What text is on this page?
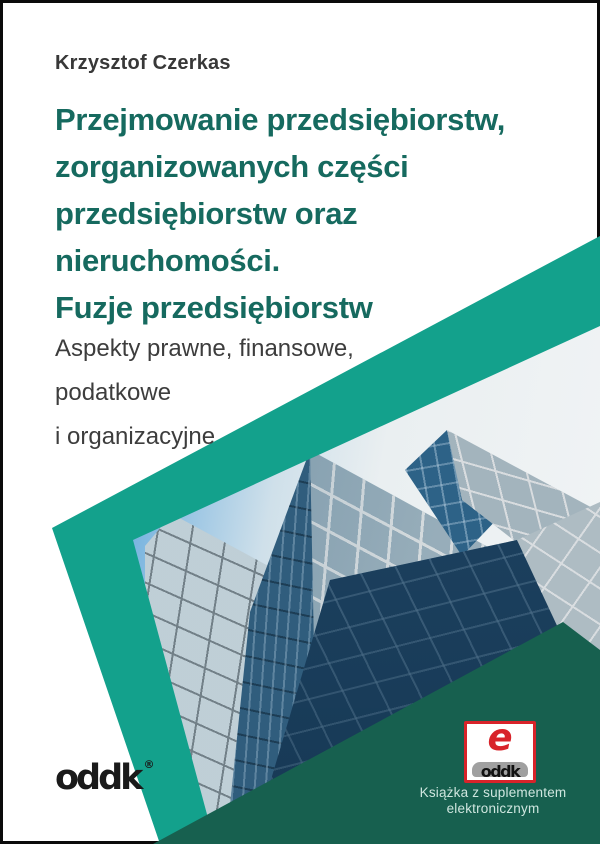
Krzysztof Czerkas
Przejmowanie przedsiębiorstw,
zorganizowanych części
przedsiębiorstw oraz
nieruchomości.
Fuzje przedsiębiorstw
Aspekty prawne, finansowe,
podatkowe
i organizacyjne
oddk ®
e
oddk
Książka z suplementem
elektronicznym
